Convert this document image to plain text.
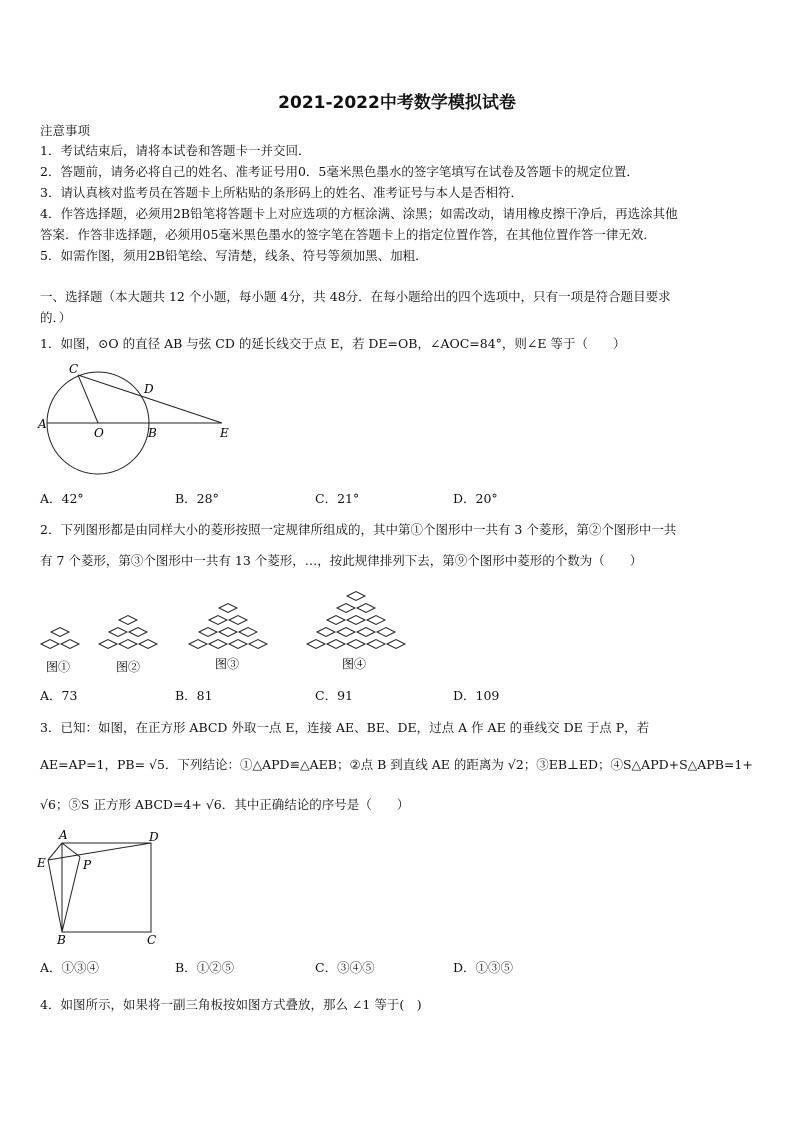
2021-2022中考数学模拟试卷
注意事项
1．考试结束后，请将本试卷和答题卡一并交回．
2．答题前，请务必将自己的姓名、准考证号用0．5毫米黑色墨水的签字笔填写在试卷及答题卡的规定位置．
3．请认真核对监考员在答题卡上所粘贴的条形码上的姓名、准考证号与本人是否相符．
4．作答选择题，必须用2B铅笔将答题卡上对应选项的方框涂满、涂黑；如需改动，请用橡皮擦干净后，再选涂其他
答案．作答非选择题，必须用05毫米黑色墨水的签字笔在答题卡上的指定位置作答，在其他位置作答一律无效．
5．如需作图，须用2B铅笔绘、写清楚，线条、符号等须加黑、加粗．
一、选择题（本大题共 12 个小题，每小题 4分，共 48分．在每小题给出的四个选项中，只有一项是符合题目要求
的．）
1．如图，⊙O 的直径 AB 与弦 CD 的延长线交于点 E，若 DE=OB，∠AOC=84°，则∠E 等于（　　）
C
D
A
O	B	E
A．42°	B．28°	C．21°	D．20°
2．下列图形都是由同样大小的菱形按照一定规律所组成的，其中第①个图形中一共有 3 个菱形，第②个图形中一共
有 7 个菱形，第③个图形中一共有 13 个菱形，…，按此规律排列下去，第⑨个图形中菱形的个数为（　　）
图①	图②	图③	图④
A．73	B．81	C．91	D．109
3．已知：如图，在正方形 ABCD 外取一点 E，连接 AE、BE、DE，过点 A 作 AE 的垂线交 DE 于点 P，若
AE=AP=1，PB= √5．下列结论：①△APD≌△AEB；②点 B 到直线 AE 的距离为 √2；③EB⊥ED；④S△APD+S△APB=1+
√6；⑤S 正方形 ABCD=4+ √6．其中正确结论的序号是（　　）
A	D
E	P
B	C
A．①③④	B．①②⑤	C．③④⑤	D．①③⑤
4．如图所示，如果将一副三角板按如图方式叠放，那么 ∠1 等于(　)
